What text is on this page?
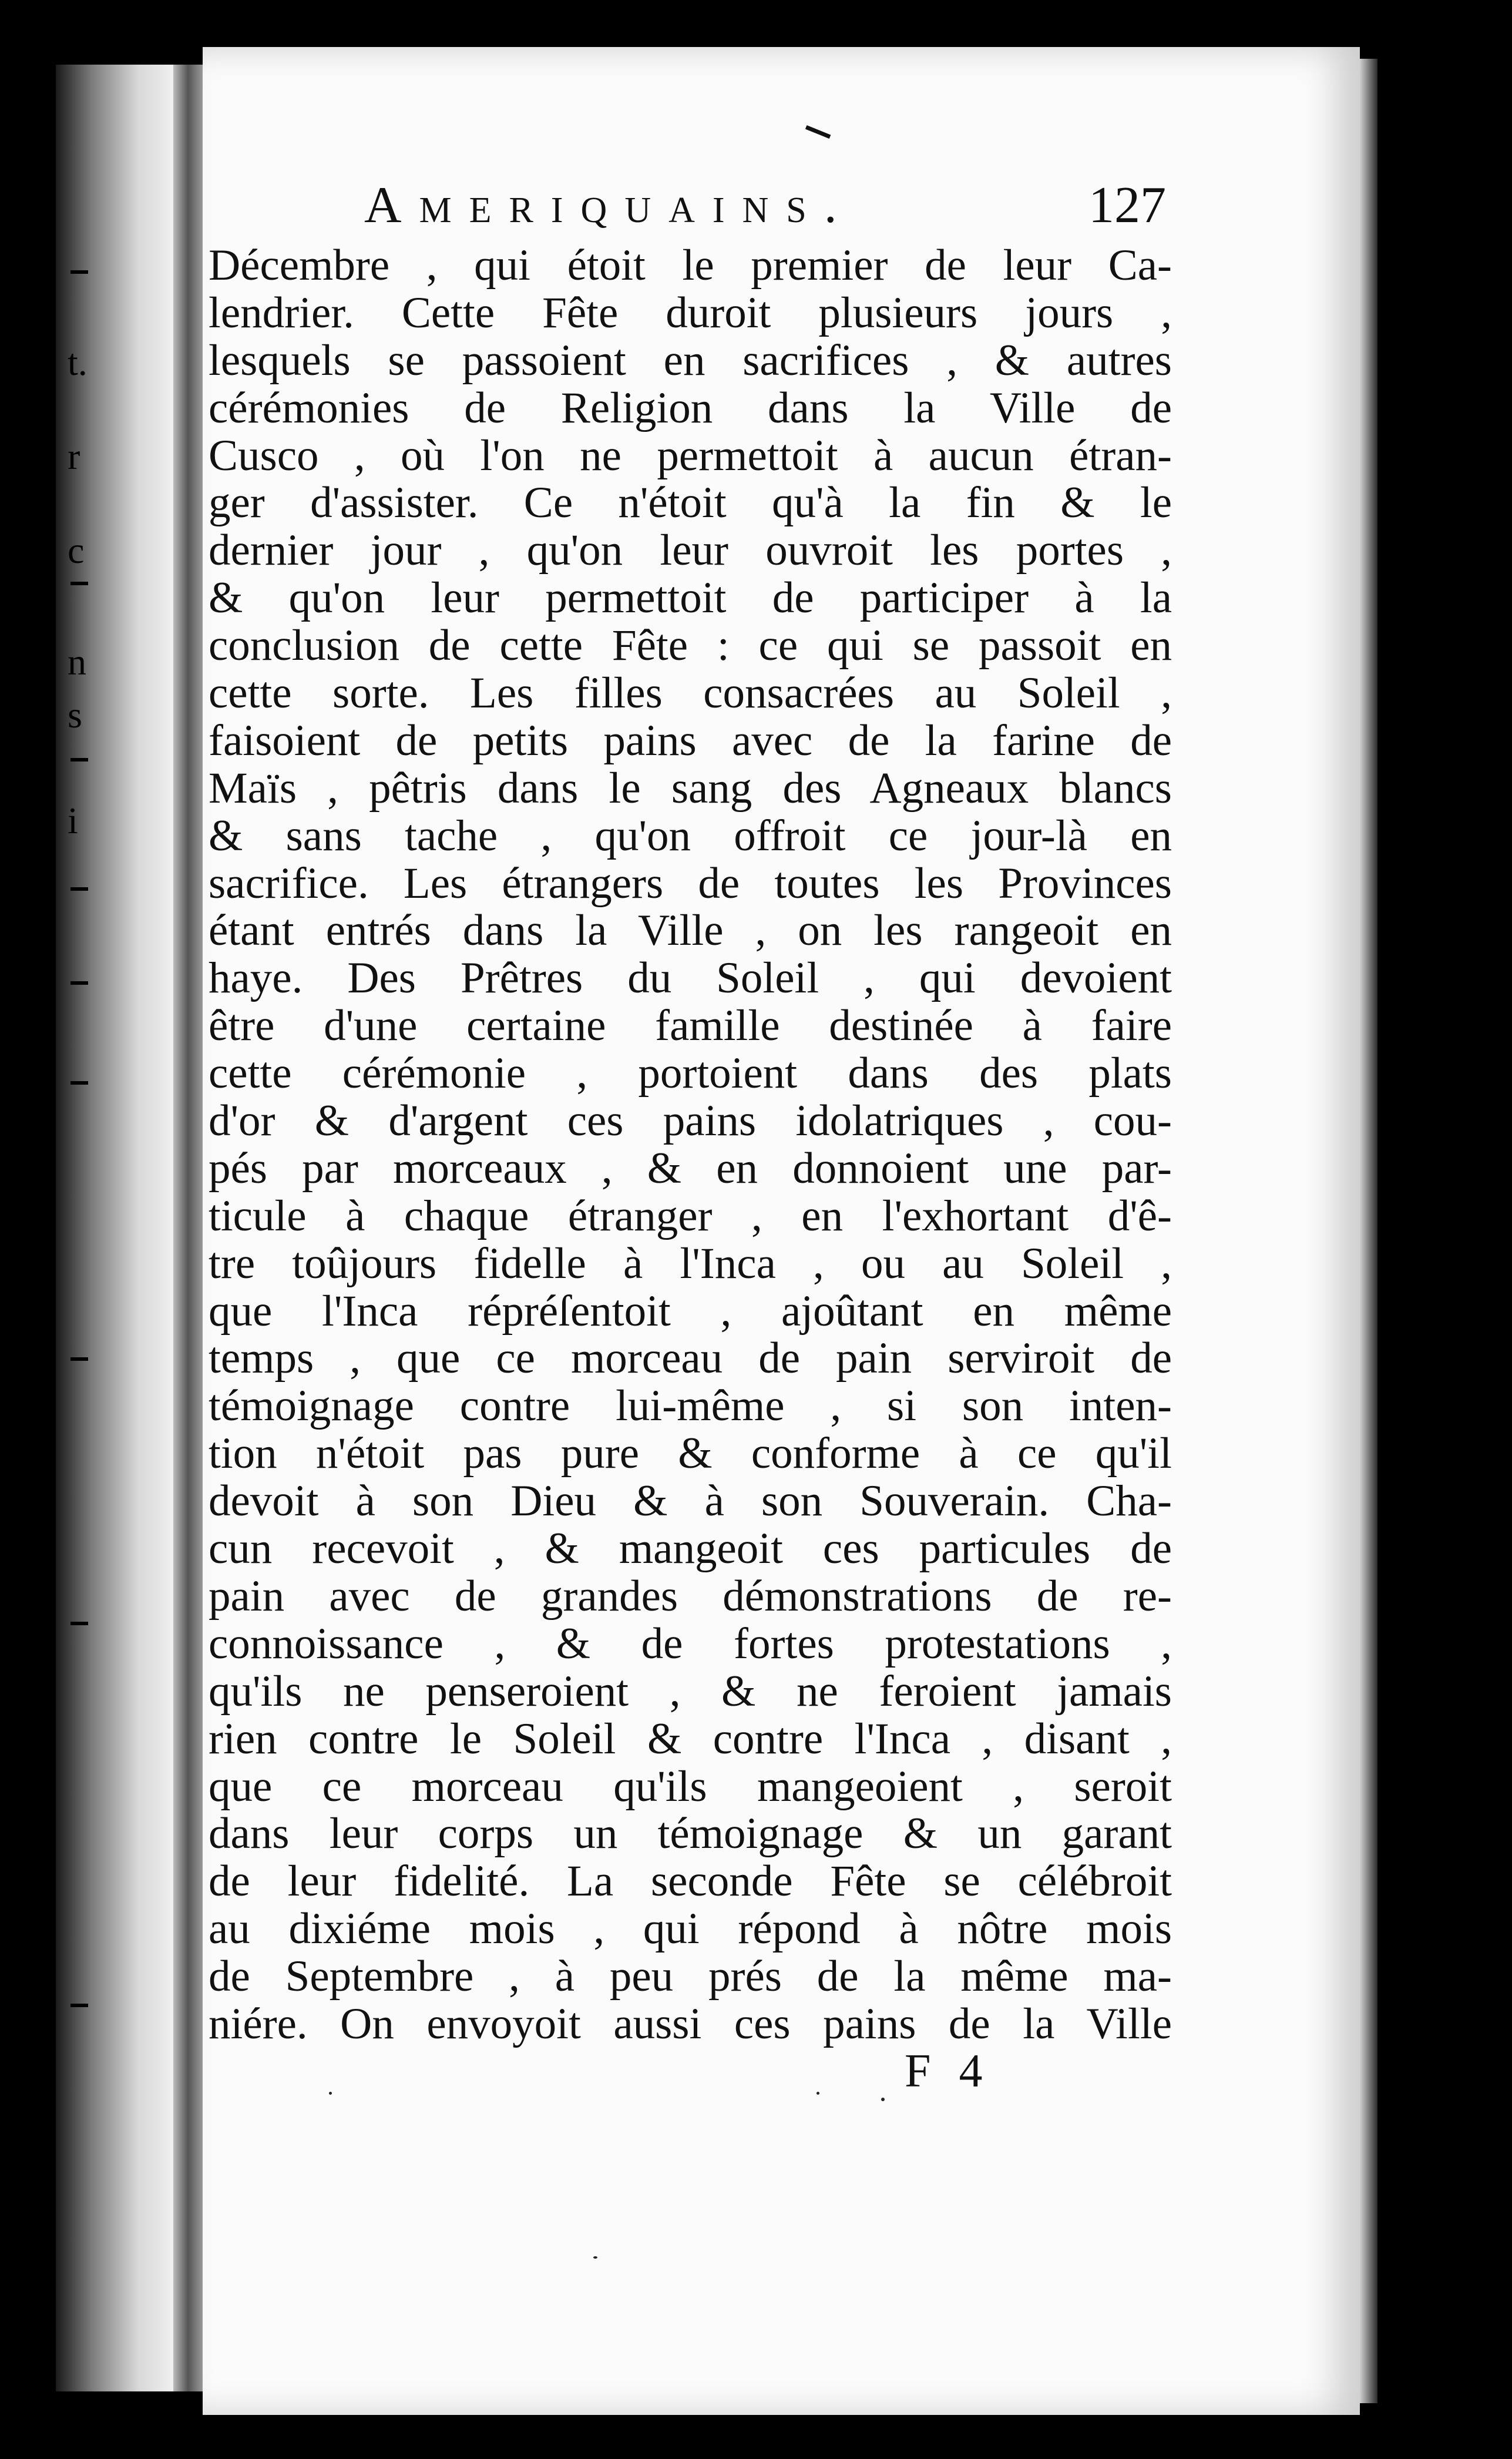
t.
r
c
n
s
i
Ameriquains.	127
Décembre , qui étoit le premier de leur Ca-
lendrier. Cette Fête duroit plusieurs jours ,
lesquels se passoient en sacrifices , & autres
cérémonies de Religion dans la Ville de
Cusco , où l'on ne permettoit à aucun étran-
ger d'assister. Ce n'étoit qu'à la fin & le
dernier jour , qu'on leur ouvroit les portes ,
& qu'on leur permettoit de participer à la
conclusion de cette Fête : ce qui se passoit en
cette sorte. Les filles consacrées au Soleil ,
faisoient de petits pains avec de la farine de
Maïs , pêtris dans le sang des Agneaux blancs
& sans tache , qu'on offroit ce jour-là en
sacrifice. Les étrangers de toutes les Provinces
étant entrés dans la Ville , on les rangeoit en
haye. Des Prêtres du Soleil , qui devoient
être d'une certaine famille destinée à faire
cette cérémonie , portoient dans des plats
d'or & d'argent ces pains idolatriques , cou-
pés par morceaux , & en donnoient une par-
ticule à chaque étranger , en l'exhortant d'ê-
tre toûjours fidelle à l'Inca , ou au Soleil ,
que l'Inca répréſentoit , ajoûtant en même
temps , que ce morceau de pain serviroit de
témoignage contre lui-même , si son inten-
tion n'étoit pas pure & conforme à ce qu'il
devoit à son Dieu & à son Souverain. Cha-
cun recevoit , & mangeoit ces particules de
pain avec de grandes démonstrations de re-
connoissance , & de fortes protestations ,
qu'ils ne penseroient , & ne feroient jamais
rien contre le Soleil & contre l'Inca , disant ,
que ce morceau qu'ils mangeoient , seroit
dans leur corps un témoignage & un garant
de leur fidelité. La seconde Fête se célébroit
au dixiéme mois , qui répond à nôtre mois
de Septembre , à peu prés de la même ma-
niére. On envoyoit aussi ces pains de la Ville
F 4
